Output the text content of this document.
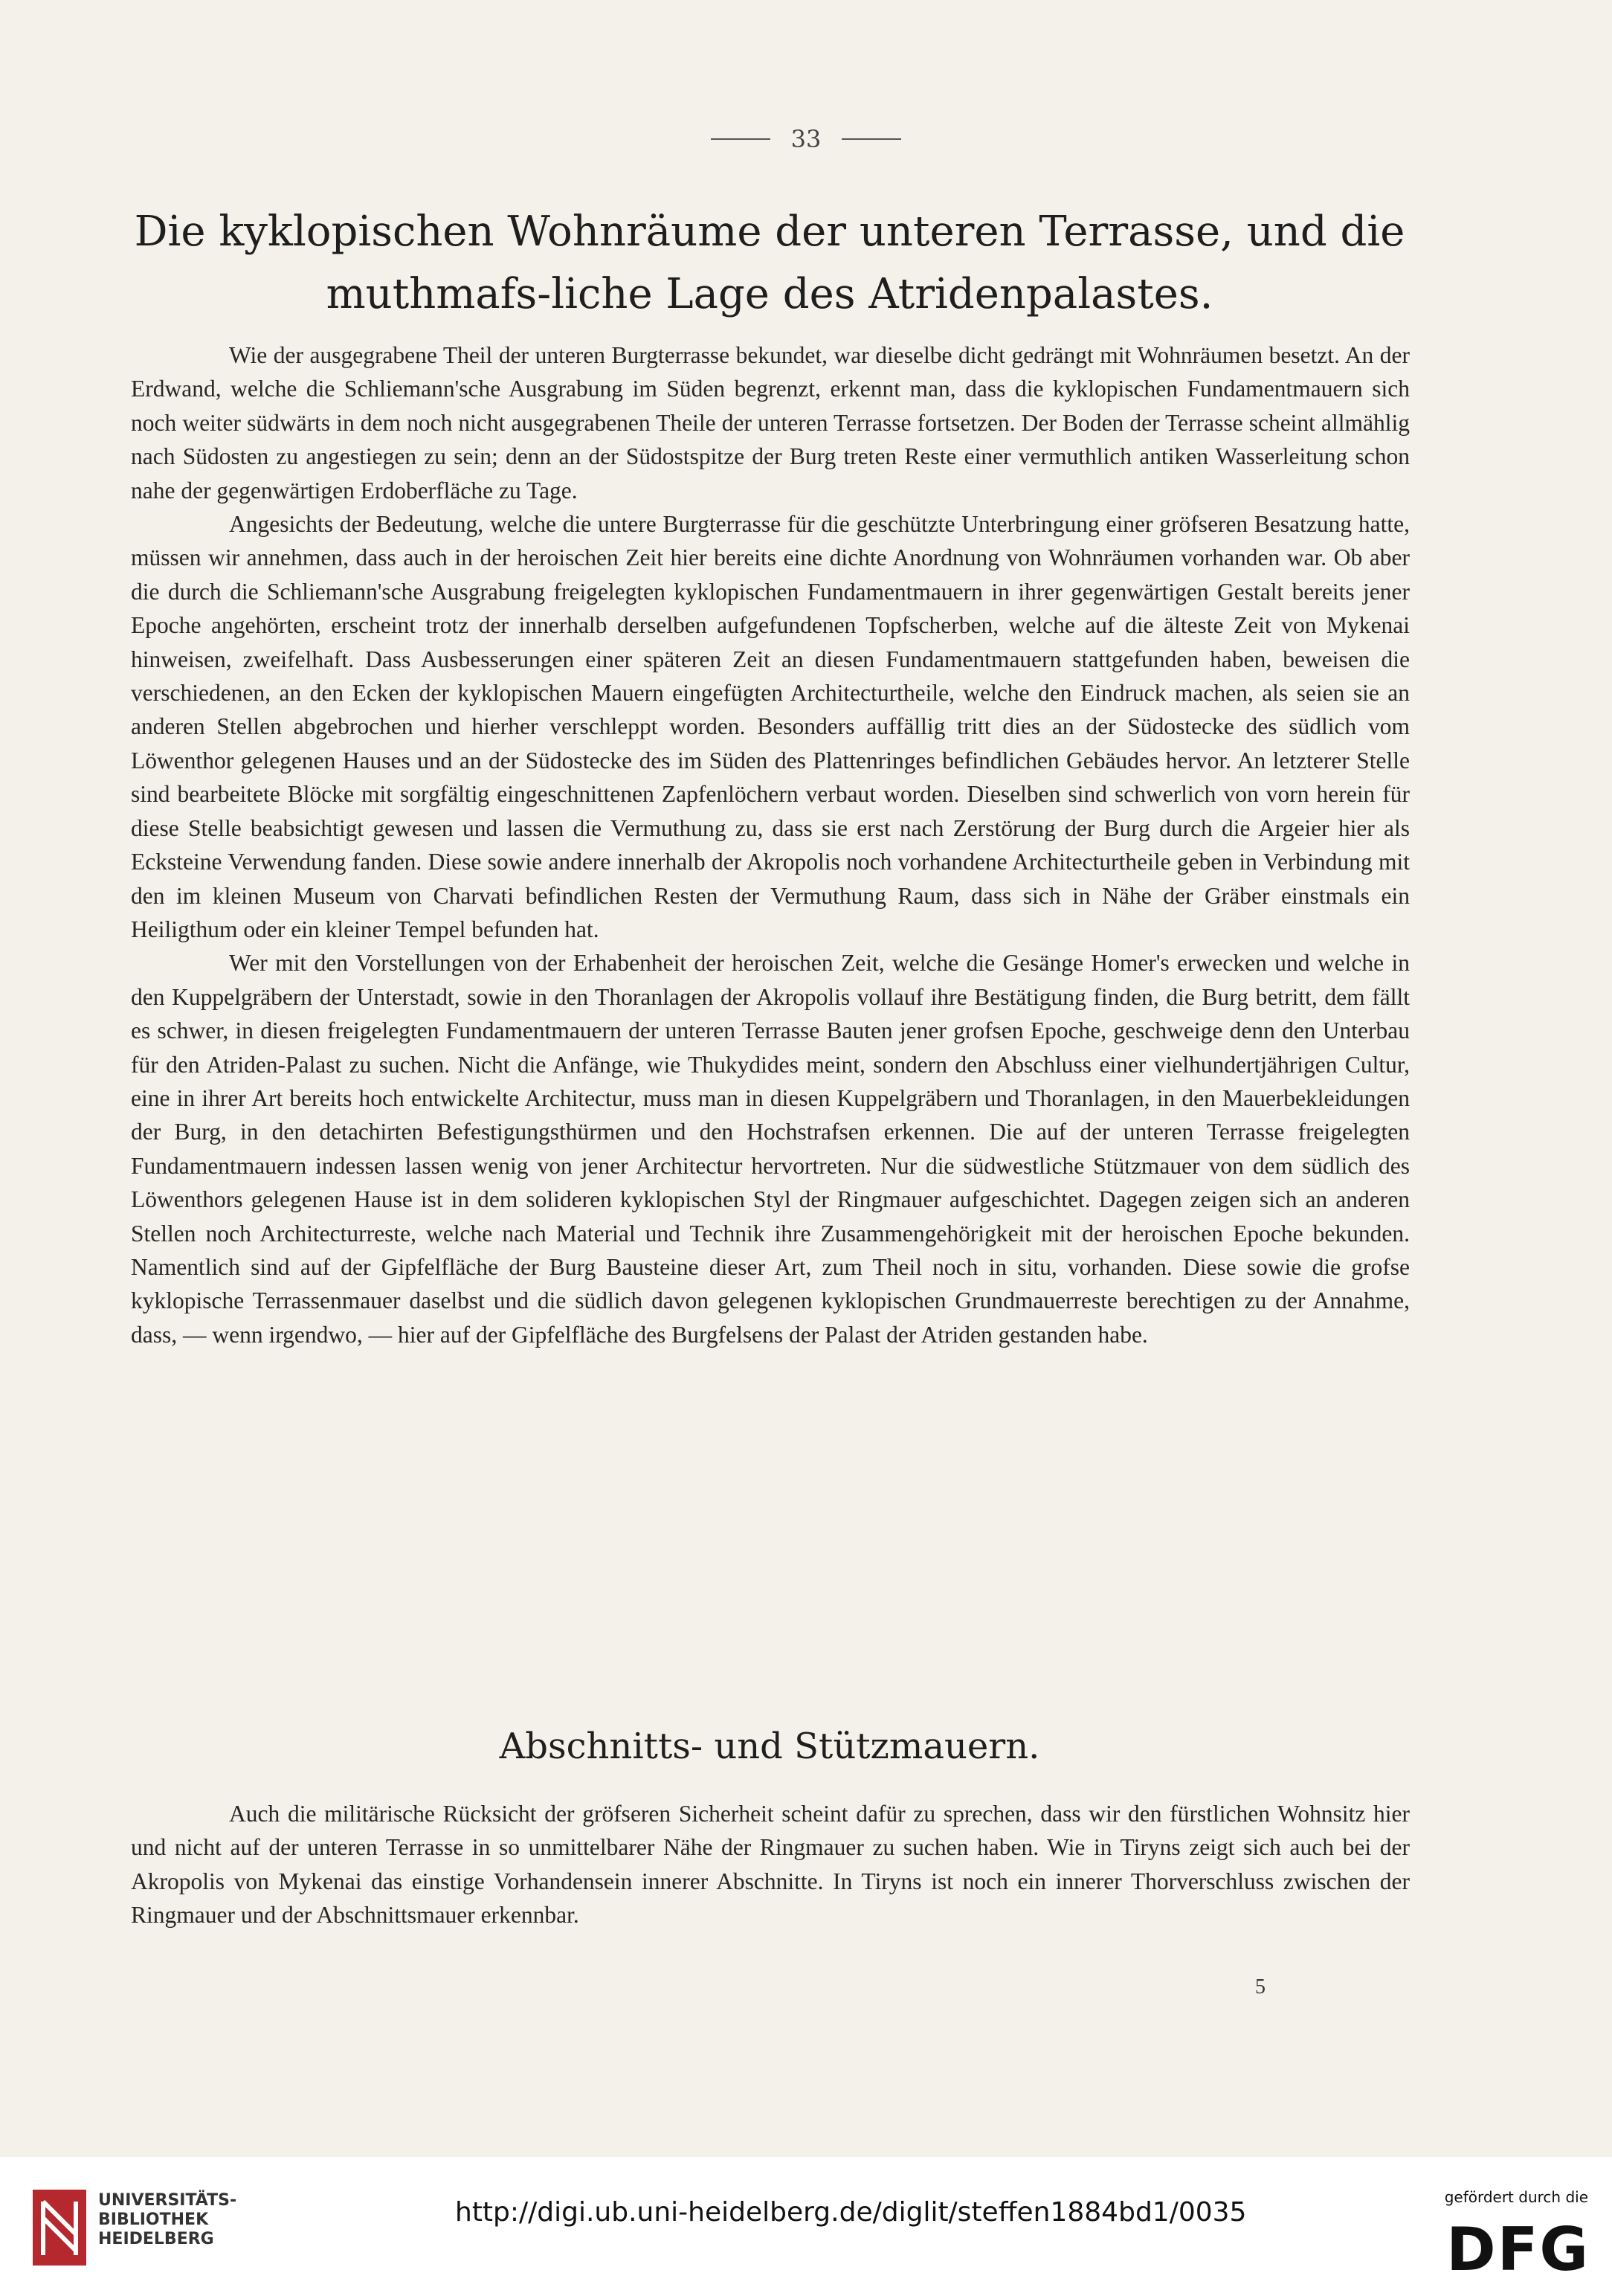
33
Die kyklopischen Wohnräume der unteren Terrasse, und die muthmafs-liche Lage des Atridenpalastes.

Wie der ausgegrabene Theil der unteren Burgterrasse bekundet, war dieselbe dicht gedrängt mit Wohnräumen besetzt. An der Erdwand, welche die Schliemann'sche Ausgrabung im Süden begrenzt, erkennt man, dass die kyklopischen Fundamentmauern sich noch weiter südwärts in dem noch nicht ausgegrabenen Theile der unteren Terrasse fortsetzen. Der Boden der Terrasse scheint allmählig nach Südosten zu angestiegen zu sein; denn an der Südostspitze der Burg treten Reste einer vermuthlich antiken Wasserleitung schon nahe der gegenwärtigen Erdoberfläche zu Tage.

Angesichts der Bedeutung, welche die untere Burgterrasse für die geschützte Unterbringung einer gröfseren Besatzung hatte, müssen wir annehmen, dass auch in der heroischen Zeit hier bereits eine dichte Anordnung von Wohnräumen vorhanden war. Ob aber die durch die Schliemann'sche Ausgrabung freigelegten kyklopischen Fundamentmauern in ihrer gegenwärtigen Gestalt bereits jener Epoche angehörten, erscheint trotz der innerhalb derselben aufgefundenen Topfscherben, welche auf die älteste Zeit von Mykenai hinweisen, zweifelhaft. Dass Ausbesserungen einer späteren Zeit an diesen Fundamentmauern stattgefunden haben, beweisen die verschiedenen, an den Ecken der kyklopischen Mauern eingefügten Architecturtheile, welche den Eindruck machen, als seien sie an anderen Stellen abgebrochen und hierher verschleppt worden. Besonders auffällig tritt dies an der Südostecke des südlich vom Löwenthor gelegenen Hauses und an der Südostecke des im Süden des Plattenringes befindlichen Gebäudes hervor. An letzterer Stelle sind bearbeitete Blöcke mit sorgfältig eingeschnittenen Zapfenlöchern verbaut worden. Dieselben sind schwerlich von vorn herein für diese Stelle beabsichtigt gewesen und lassen die Vermuthung zu, dass sie erst nach Zerstörung der Burg durch die Argeier hier als Ecksteine Verwendung fanden. Diese sowie andere innerhalb der Akropolis noch vorhandene Architecturtheile geben in Verbindung mit den im kleinen Museum von Charvati befindlichen Resten der Vermuthung Raum, dass sich in Nähe der Gräber einstmals ein Heiligthum oder ein kleiner Tempel befunden hat.

Wer mit den Vorstellungen von der Erhabenheit der heroischen Zeit, welche die Gesänge Homer's erwecken und welche in den Kuppelgräbern der Unterstadt, sowie in den Thoranlagen der Akropolis vollauf ihre Bestätigung finden, die Burg betritt, dem fällt es schwer, in diesen freigelegten Fundamentmauern der unteren Terrasse Bauten jener grofsen Epoche, geschweige denn den Unterbau für den Atriden-Palast zu suchen. Nicht die Anfänge, wie Thukydides meint, sondern den Abschluss einer vielhundertjährigen Cultur, eine in ihrer Art bereits hoch entwickelte Architectur, muss man in diesen Kuppelgräbern und Thoranlagen, in den Mauerbekleidungen der Burg, in den detachirten Befestigungsthürmen und den Hochstrafsen erkennen. Die auf der unteren Terrasse freigelegten Fundamentmauern indessen lassen wenig von jener Architectur hervortreten. Nur die südwestliche Stützmauer von dem südlich des Löwenthors gelegenen Hause ist in dem solideren kyklopischen Styl der Ringmauer aufgeschichtet. Dagegen zeigen sich an anderen Stellen noch Architecturreste, welche nach Material und Technik ihre Zusammengehörigkeit mit der heroischen Epoche bekunden. Namentlich sind auf der Gipfelfläche der Burg Bausteine dieser Art, zum Theil noch in situ, vorhanden. Diese sowie die grofse kyklopische Terrassenmauer daselbst und die südlich davon gelegenen kyklopischen Grundmauerreste berechtigen zu der Annahme, dass, — wenn irgendwo, — hier auf der Gipfelfläche des Burgfelsens der Palast der Atriden gestanden habe.

Abschnitts- und Stützmauern.

Auch die militärische Rücksicht der gröfseren Sicherheit scheint dafür zu sprechen, dass wir den fürstlichen Wohnsitz hier und nicht auf der unteren Terrasse in so unmittelbarer Nähe der Ringmauer zu suchen haben. Wie in Tiryns zeigt sich auch bei der Akropolis von Mykenai das einstige Vorhandensein innerer Abschnitte. In Tiryns ist noch ein innerer Thorverschluss zwischen der Ringmauer und der Abschnittsmauer erkennbar.

5
UNIVERSITÄTS-
BIBLIOTHEK
HEIDELBERG
http://digi.ub.uni-heidelberg.de/diglit/steffen1884bd1/0035	gefördert durch die
DFG
